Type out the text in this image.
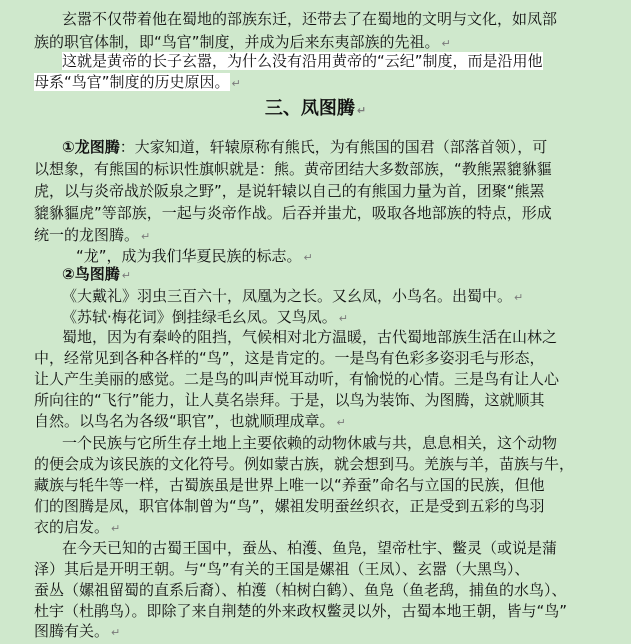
三、凤图腾 ↵
玄嚣不仅带着他在蜀地的部族东迁，还带去了在蜀地的文明与文化，如凤部
族的职官体制，即“鸟官”制度，并成为后来东夷部族的先祖。 ↵
这就是黄帝的长子玄嚣，为什么没有沿用黄帝的“云纪”制度，而是沿用他
母系“鸟官”制度的历史原因。 ↵
①龙图腾：大家知道，轩辕原称有熊氏，为有熊国的国君（部落首领），可
以想象，有熊国的标识性旗帜就是：熊。黄帝团结大多数部族，“教熊罴貔貅貙
虎，以与炎帝战於阪泉之野”，是说轩辕以自己的有熊国力量为首，团聚“熊罴
貔貅貙虎”等部族，一起与炎帝作战。后吞并蚩尤，吸取各地部族的特点，形成
统一的龙图腾。 ↵
“龙”，成为我们华夏民族的标志。 ↵
②鸟图腾 ↵
《大戴礼》羽虫三百六十，凤凰为之长。又幺凤，小鸟名。出蜀中。 ↵
《苏轼·梅花词》倒挂绿毛幺凤。又鸟凤。 ↵
蜀地，因为有秦岭的阻挡，气候相对北方温暖，古代蜀地部族生活在山林之
中，经常见到各种各样的“鸟”，这是肯定的。一是鸟有色彩多姿羽毛与形态，
让人产生美丽的感觉。二是鸟的叫声悦耳动听，有愉悦的心情。三是鸟有让人心
所向往的“飞行”能力，让人莫名崇拜。于是，以鸟为装饰、为图腾，这就顺其
自然。以鸟名为各级“职官”，也就顺理成章。 ↵
一个民族与它所生存土地上主要依赖的动物休戚与共，息息相关，这个动物
的便会成为该民族的文化符号。例如蒙古族，就会想到马。羌族与羊，苗族与牛，
藏族与牦牛等一样，古蜀族虽是世界上唯一以“养蚕”命名与立国的民族，但他
们的图腾是凤，职官体制曾为“鸟”，嫘祖发明蚕丝织衣，正是受到五彩的鸟羽
衣的启发。 ↵
在今天已知的古蜀王国中，蚕丛、柏濩、鱼凫，望帝杜宇、鳖灵（或说是蒲
泽）其后是开明王朝。与“鸟”有关的王国是嫘祖（王凤）、玄嚣（大黑鸟）、
蚕丛（嫘祖留蜀的直系后裔）、柏濩（柏树白鹤）、鱼凫（鱼老鸹，捕鱼的水鸟）、
杜宇（杜鹃鸟）。即除了来自荆楚的外来政权鳖灵以外，古蜀本地王朝，皆与“鸟”
图腾有关。 ↵
